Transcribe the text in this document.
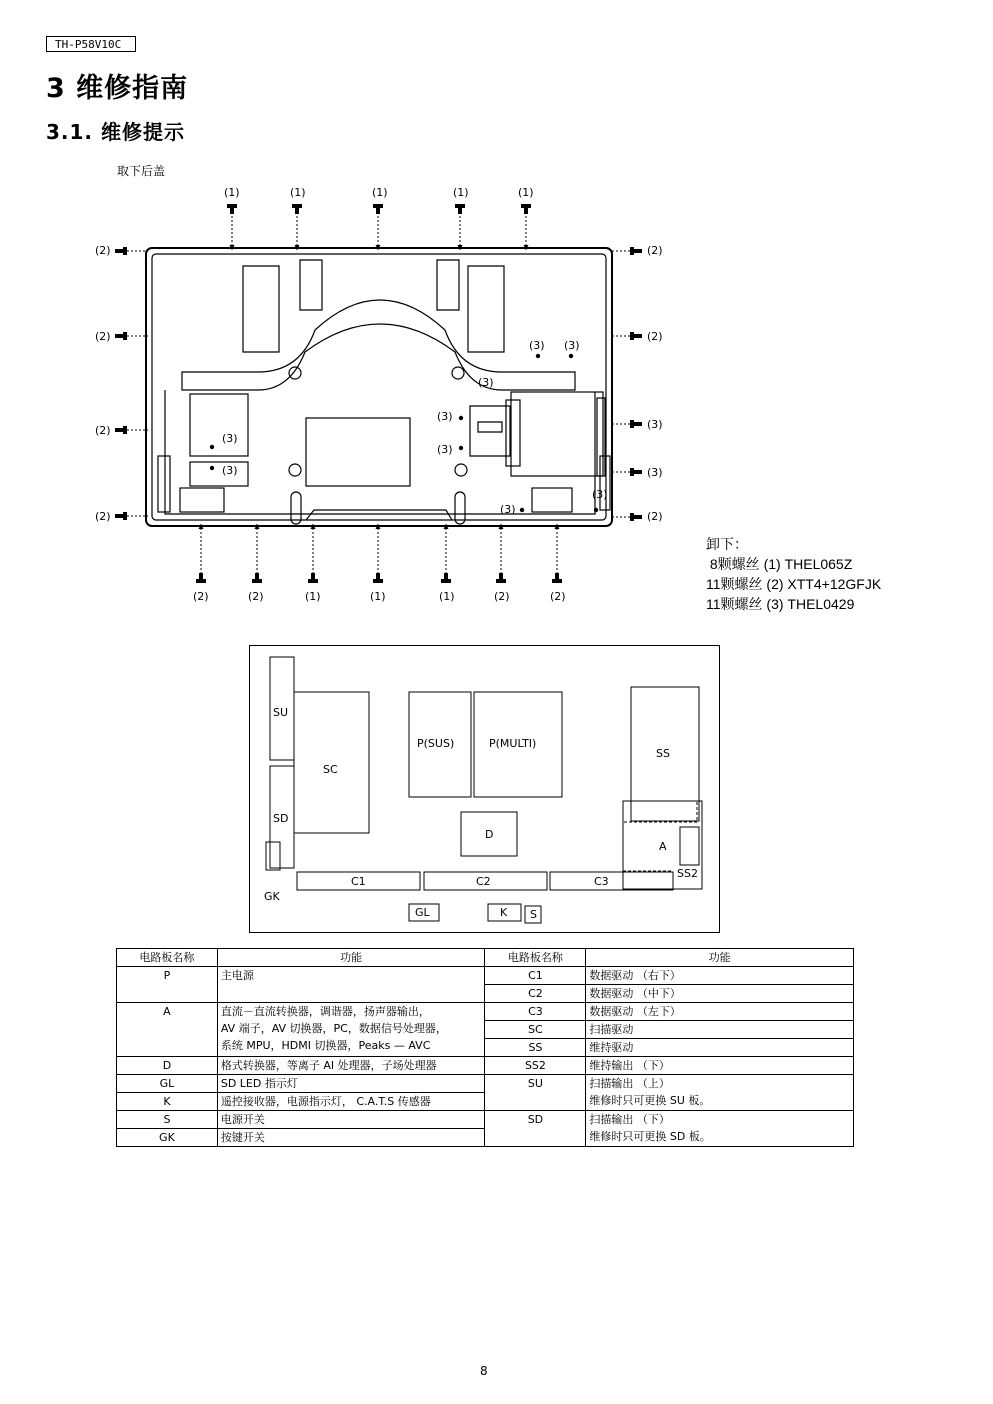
TH-P58V10C
3 维修指南
3.1. 维修提示
取下后盖
(1)	(1)	(1)	(1)	(1)
(2)
(2)
(2)
(2)
(2)
(2)
(3)
(3)
(2)
(3)
(3)
(3)
(3)
(3)
(3) (3)
(3)
(3)
(2)	(2)	(1)	(1)	(1)	(2)	(2)
卸下：
8颗螺丝 (1) THEL065Z
11颗螺丝 (2) XTT4+12GFJK
11颗螺丝 (3) THEL0429
SU
SC
SD
GK
P(SUS)	P(MULTI)
D
SS
A
SS2
C1	C2	C3
GL	K S
电路板名称	功能	电路板名称	功能
P	主电源	C1	数据驱动 （右下）
		C2	数据驱动 （中下）
A	直流－直流转换器，调谐器，扬声器输出，
AV 端子，AV 切换器，PC，数据信号处理器，
系统 MPU，HDMI 切换器，Peaks — AVC	C3	数据驱动 （左下）
		SC	扫描驱动
		SS	维持驱动
D	格式转换器，等离子 AI 处理器，子场处理器	SS2	维持输出 （下）
GL	SD LED 指示灯	SU	扫描输出 （上）
维修时只可更换 SU 板。

K	遥控接收器，电源指示灯， C.A.T.S 传感器		
S	电源开关	SD	扫描输出 （下）
维修时只可更换 SD 板。

GK	按键开关		
8
